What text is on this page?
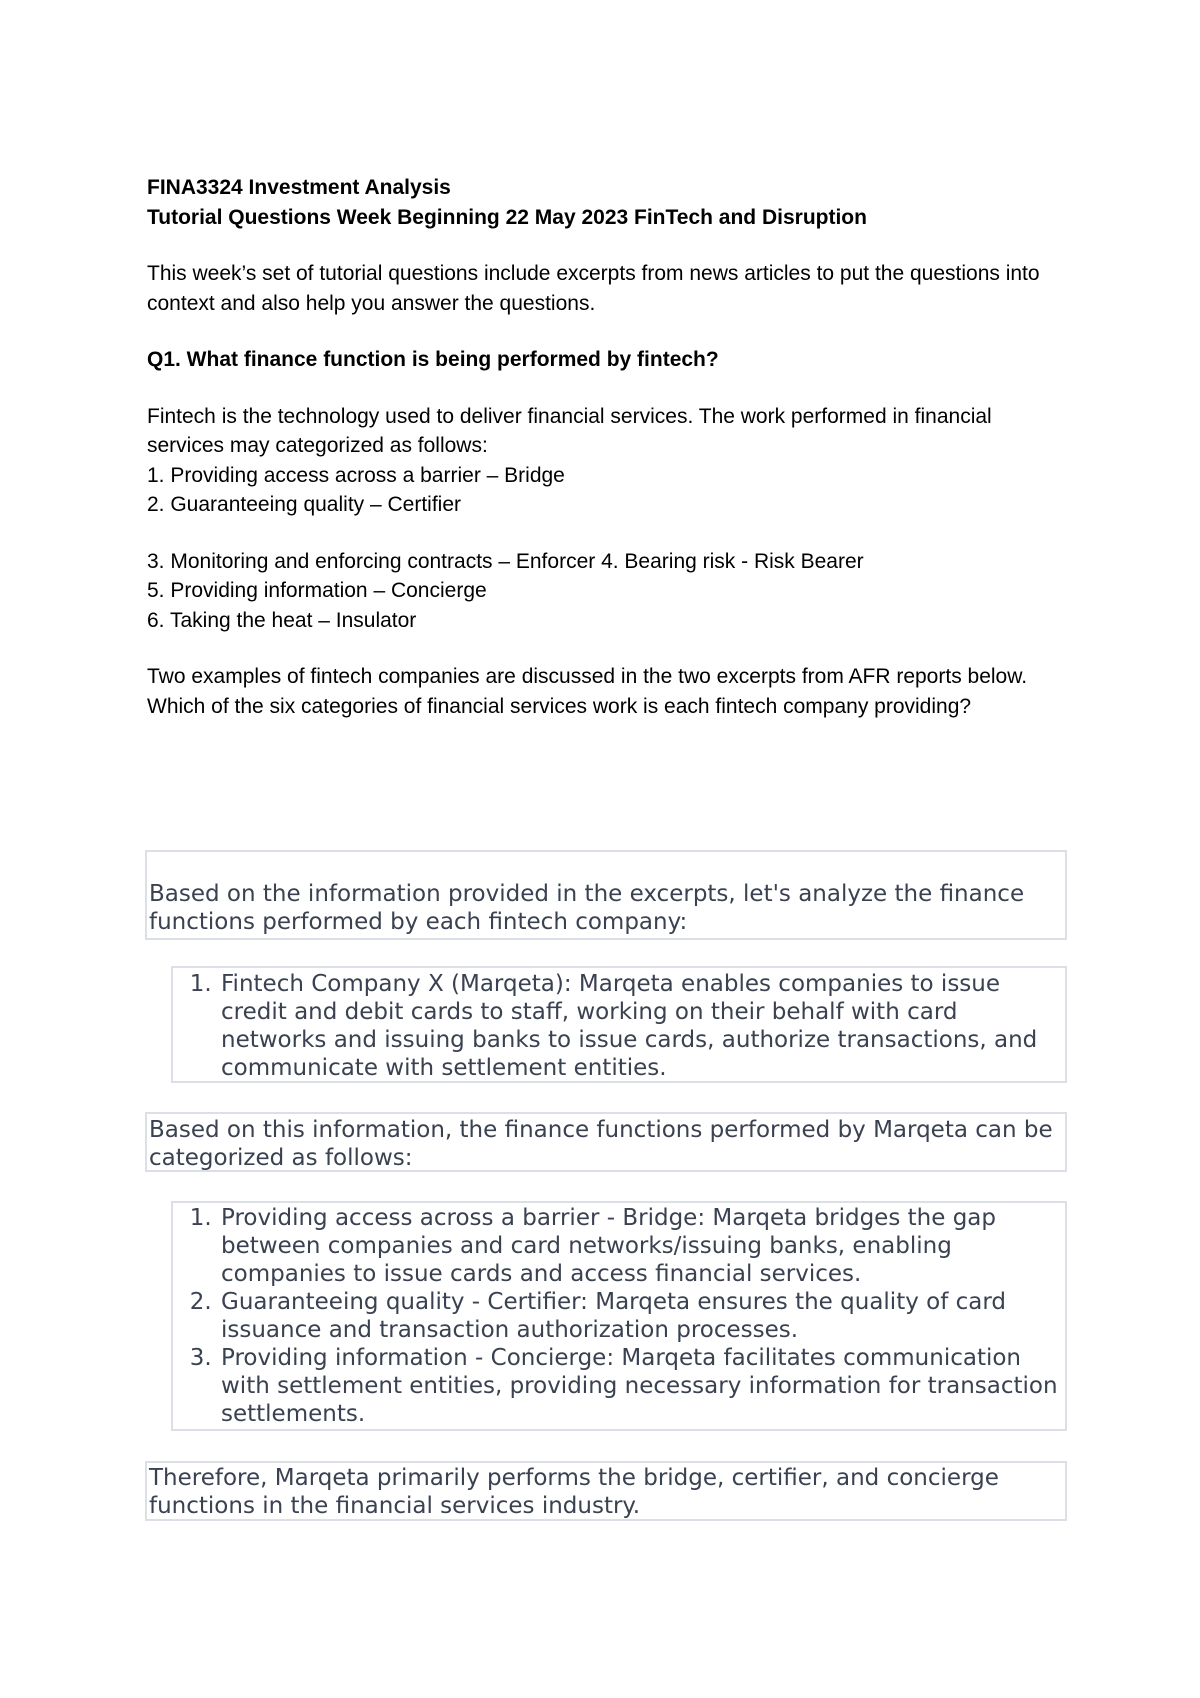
FINA3324 Investment Analysis

Tutorial Questions Week Beginning 22 May 2023 FinTech and Disruption

This week’s set of tutorial questions include excerpts from news articles to put the questions into context and also help you answer the questions.

Q1. What finance function is being performed by fintech?

Fintech is the technology used to deliver financial services. The work performed in financial services may categorized as follows:

1. Providing access across a barrier – Bridge

2. Guaranteeing quality – Certifier

3. Monitoring and enforcing contracts – Enforcer 4. Bearing risk - Risk Bearer

5. Providing information – Concierge

6. Taking the heat – Insulator

Two examples of fintech companies are discussed in the two excerpts from AFR reports below. Which of the six categories of financial services work is each fintech company providing?

Based on the information provided in the excerpts, let's analyze the finance functions performed by each fintech company:
1. Fintech Company X (Marqeta): Marqeta enables companies to issue credit and debit cards to staff, working on their behalf with card networks and issuing banks to issue cards, authorize transactions, and communicate with settlement entities.
Based on this information, the finance functions performed by Marqeta can be categorized as follows:
1. Providing access across a barrier - Bridge: Marqeta bridges the gap between companies and card networks/issuing banks, enabling companies to issue cards and access financial services.
2. Guaranteeing quality - Certifier: Marqeta ensures the quality of card issuance and transaction authorization processes.
3. Providing information - Concierge: Marqeta facilitates communication with settlement entities, providing necessary information for transaction settlements.
Therefore, Marqeta primarily performs the bridge, certifier, and concierge functions in the financial services industry.
